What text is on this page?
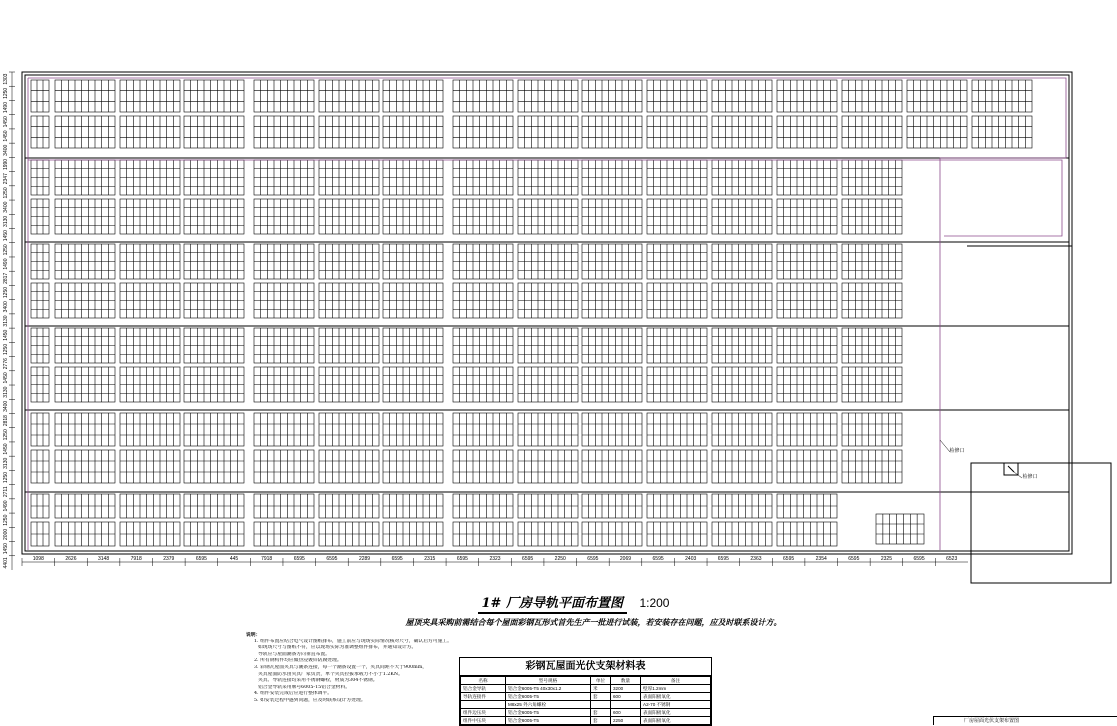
1098	2626	3148	7918	2379	6595	445	7918	6595	6595	2289	6595	2315	6595	2323	6595	2250	6595	2069	6595	2403	6595	2363	6595	2354	6595	2325	6595	6523
1303
1250
1490
1450
1450
3400
1990
2347
1250
3400
3130
1450
1250
1490
2817
1250
3400
3130
1450
1250
2776
1450
3130
3400
2818
1250
1450
3130
1250
2711
1490
1250
2000
1450
4401
检修口
检修口
1# 厂房导轨平面布置图 1:200
屋顶夹具采购前需结合每个屋面彩钢瓦形式首先生产一批进行试装，若安装存在问题，应及时联系设计方。
说明：
1. 组件布置应结合电气设计图纸排布，施工前应与现场实际情况核对尺寸，确认后方可施工。
如现场尺寸与图纸不符，应以现场实际为准调整组件排布，并通知设计方。
导轨应与屋面潮条方向垂直布置。
2. 所有钢构件均应做热浸镀锌防腐处理。
3. 彩钢瓦屋面夹具与潮条连接，每一个潮条设置一个，夹具间距不大于900mm，
夹具屋面防水由夹具厂家负责，单个夹具拉拔承载力不小于1.2KN。
夹具、导轨连接均采用不锈钢螺栓，材质为304不锈钢。
铝合金导轨采用牌号6005-T5铝合金材料。
4. 组件安装完成后应进行整体调平。
5. 如安装过程中遇到问题，应及时联系设计方处理。
彩钢瓦屋面光伏支架材料表
名称	型号规格	单位	数量	备注
铝合金导轨	铝合金6005-T5 40x30x1.2	米	3200	壁厚1.2mm
导轨连接件	铝合金6005-T5	套	600	表面阳极氧化
	M8x25 外六角螺栓			A2-70 不锈钢
组件边压块	铝合金6005-T5	套	600	表面阳极氧化
组件中压块	铝合金6005-T5	套	2250	表面阳极氧化	厂房屋面光伏支架布置图
